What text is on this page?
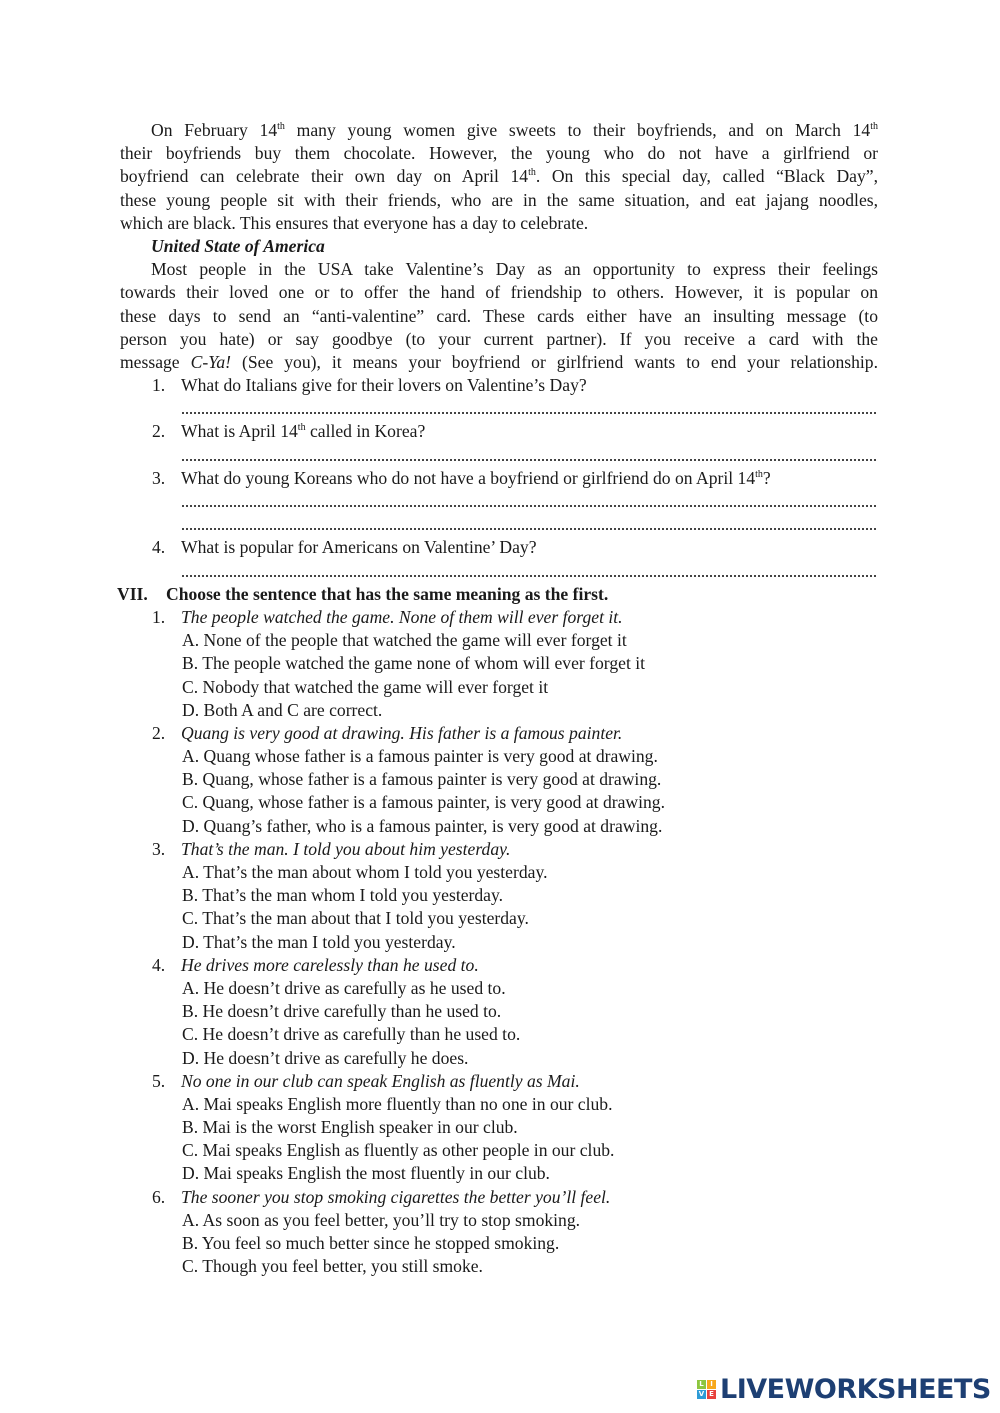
On February 14th many young women give sweets to their boyfriends, and on March 14th
their boyfriends buy them chocolate. However, the young who do not have a girlfriend or
boyfriend can celebrate their own day on April 14th. On this special day, called “Black Day”,
these young people sit with their friends, who are in the same situation, and eat jajang noodles,
which are black. This ensures that everyone has a day to celebrate.
United State of America
Most people in the USA take Valentine’s Day as an opportunity to express their feelings
towards their loved one or to offer the hand of friendship to others. However, it is popular on
these days to send an “anti-valentine” card. These cards either have an insulting message (to
person you hate) or say goodbye (to your current partner). If you receive a card with the
message C-Ya! (See you), it means your boyfriend or girlfriend wants to end your relationship.
1. What do Italians give for their lovers on Valentine’s Day?
2. What is April 14th called in Korea?
3. What do young Koreans who do not have a boyfriend or girlfriend do on April 14th?
4. What is popular for Americans on Valentine’ Day?
VII. Choose the sentence that has the same meaning as the first.
1. The people watched the game. None of them will ever forget it.
A. None of the people that watched the game will ever forget it
B. The people watched the game none of whom will ever forget it
C. Nobody that watched the game will ever forget it
D. Both A and C are correct.
2. Quang is very good at drawing. His father is a famous painter.
A. Quang whose father is a famous painter is very good at drawing.
B. Quang, whose father is a famous painter is very good at drawing.
C. Quang, whose father is a famous painter, is very good at drawing.
D. Quang’s father, who is a famous painter, is very good at drawing.
3. That’s the man. I told you about him yesterday.
A. That’s the man about whom I told you yesterday.
B. That’s the man whom I told you yesterday.
C. That’s the man about that I told you yesterday.
D. That’s the man I told you yesterday.
4. He drives more carelessly than he used to.
A. He doesn’t drive as carefully as he used to.
B. He doesn’t drive carefully than he used to.
C. He doesn’t drive as carefully than he used to.
D. He doesn’t drive as carefully he does.
5. No one in our club can speak English as fluently as Mai.
A. Mai speaks English more fluently than no one in our club.
B. Mai is the worst English speaker in our club.
C. Mai speaks English as fluently as other people in our club.
D. Mai speaks English the most fluently in our club.
6. The sooner you stop smoking cigarettes the better you’ll feel.
A. As soon as you feel better, you’ll try to stop smoking.
B. You feel so much better since he stopped smoking.
C. Though you feel better, you still smoke.
L I
V E LIVEWORKSHEETS
